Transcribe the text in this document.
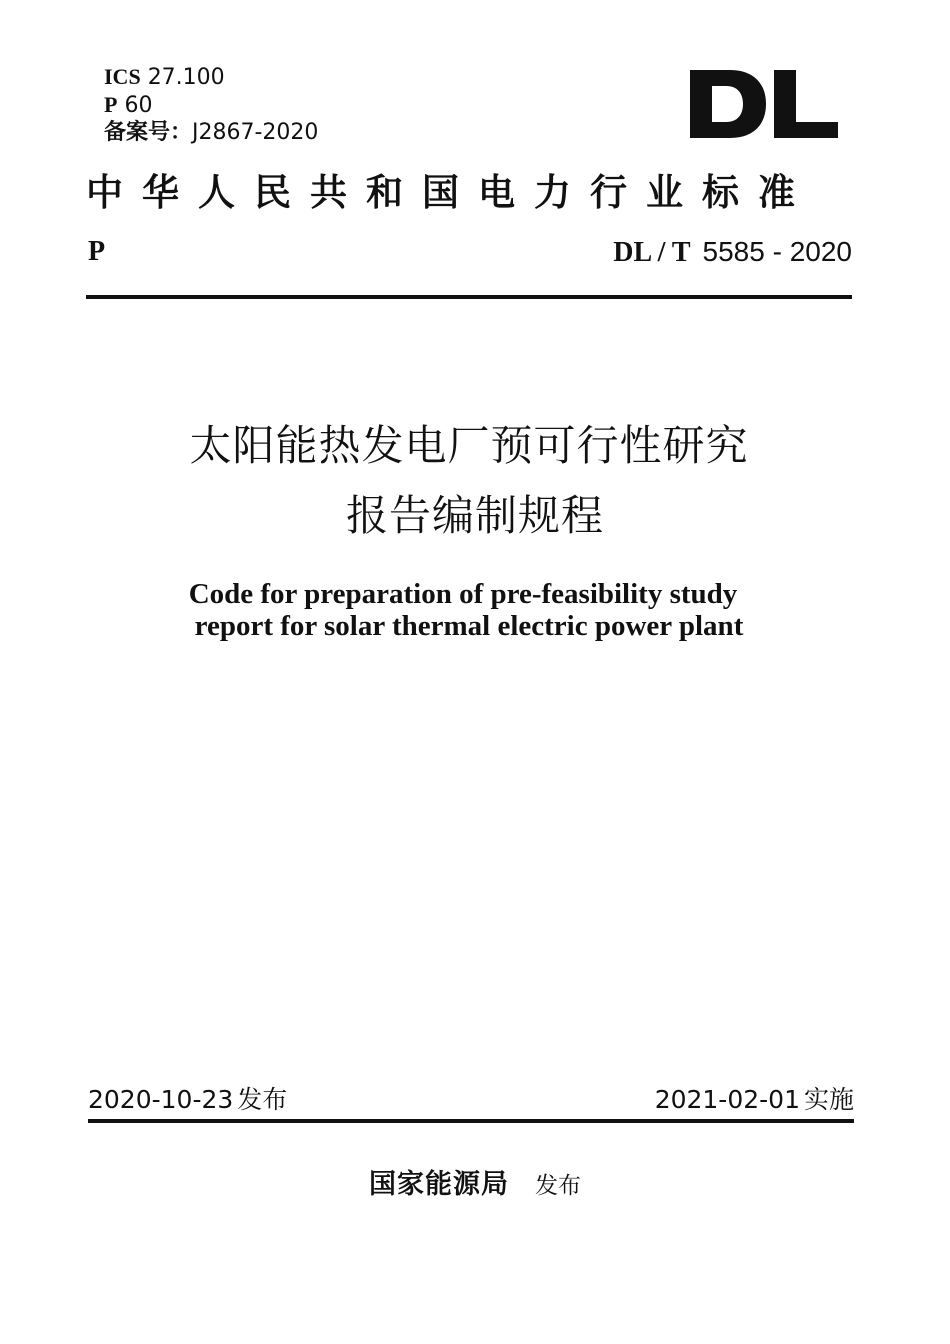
ICS 27.100
P 60
备案号：J2867-2020
中华人民共和国电力行业标准
P	DL / T 5585 - 2020
太阳能热发电厂预可行性研究
报告编制规程
Code for preparation of pre-feasibility study
report for solar thermal electric power plant
2020-10-23 发布	2021-02-01 实施
国家能源局 发布
